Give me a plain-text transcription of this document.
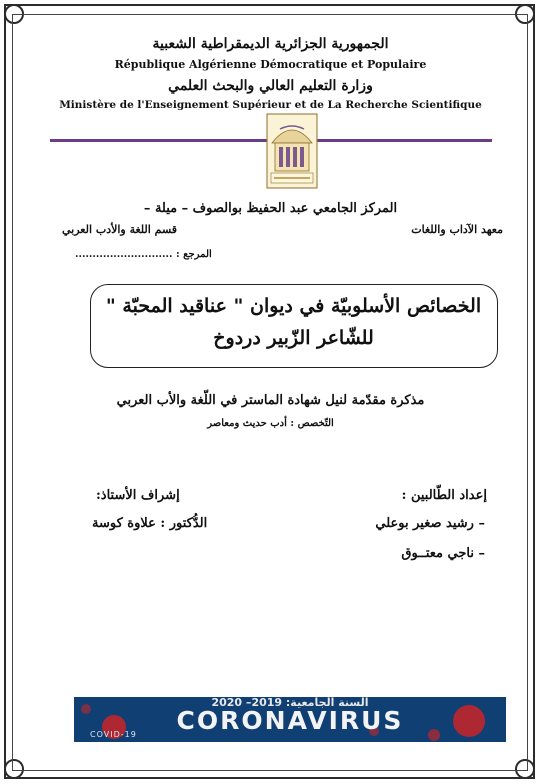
الجمهورية الجزائرية الديمقراطية الشعبية
République Algérienne Démocratique et Populaire
وزارة التعليم العالي والبحث العلمي
Ministère de l'Enseignement Supérieur et de La Recherche Scientifique
المركز الجامعي عبد الحفيظ بوالصوف – ميلة –
معهد الآداب واللغات
قسم اللغة والأدب العربي
المرجع : ............................
الخصائص الأسلوبيّة في ديوان " عناقيد المحبّة "
للشّاعر الزّبير دردوخ
مذكرة مقدّمة لنيل شهادة الماستر في اللّغة والأب العربي
التّخصص : أدب حديث ومعاصر
إعداد الطّالبين :
إشراف الأستاذ:
– رشيد صغير بوعلي
الدُّكتور : علاوة كوسة
– ناجي معتــوق
السنة الجامعية: 2019– 2020
CORONAVIRUS
COVID-19
